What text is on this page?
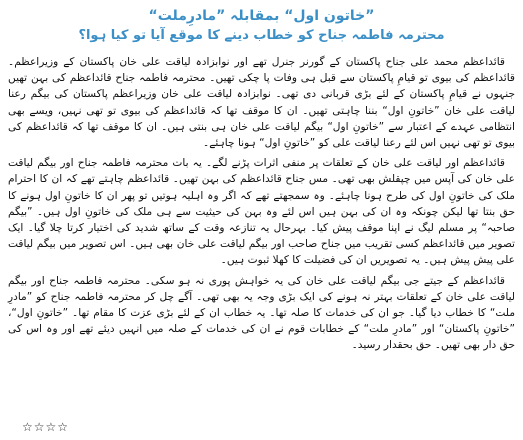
”خاتون اول“ بمقابلہ ”مادرِملت“
محترمہ فاطمہ جناح کو خطاب دینے کا موقع آیا تو کیا ہوا؟

قائداعظم محمد علی جناح پاکستان کے گورنر جنرل تھے اور نوابزادہ لیاقت علی خان پاکستان کے وزیراعظم۔ قائداعظم کی بیوی تو قیامِ پاکستان سے قبل ہی وفات پا چکی تھیں۔ محترمہ فاطمہ جناح قائداعظم کی بہن تھیں جنہوں نے قیامِ پاکستان کے لئے بڑی قربانی دی تھی۔ نوابزادہ لیاقت علی خان وزیراعظم پاکستان کی بیگم رعنا لیاقت علی خان ”خاتونِ اول“ بننا چاہتی تھیں۔ ان کا موقف تھا کہ قائداعظم کی بیوی تو تھی نہیں، ویسے بھی انتظامی عہدے کے اعتبار سے ”خاتونِ اول“ بیگم لیاقت علی خان ہی بنتی ہیں۔ ان کا موقف تھا کہ قائداعظم کی بیوی تو تھی نہیں اس لئے رعنا لیاقت علی کو ”خاتونِ اول“ ہونا چاہئے۔

قائداعظم اور لیاقت علی خان کے تعلقات پر منفی اثرات پڑنے لگے۔ یہ بات محترمہ فاطمہ جناح اور بیگم لیاقت علی خان کی آپس میں چپقلش بھی تھی۔ مس جناح قائداعظم کی بہن تھیں۔ قائداعظم چاہتے تھے کہ ان کا احترام ملک کی خاتونِ اول کی طرح ہونا چاہئے۔ وہ سمجھتے تھے کہ اگر وہ اہلیہ ہوتیں تو پھر ان کا خاتونِ اول ہونے کا حق بنتا تھا لیکن چونکہ وہ ان کی بہن ہیں اس لئے وہ بہن کی حیثیت سے ہی ملک کی خاتونِ اول ہیں۔ ”بیگم صاحبہ“ پر مسلم لیگ نے اپنا موقف پیش کیا۔ بہرحال یہ تنازعہ وقت کے ساتھ شدید کی اختیار کرتا چلا گیا۔ ایک تصویر میں قائداعظم کسی تقریب میں جناح صاحب اور بیگم لیاقت علی خان بھی ہیں۔ اس تصویر میں بیگم لیاقت علی پیش پیش ہیں۔ یہ تصویریں ان کی فضیلت کا کھلا ثبوت ہیں۔

قائداعظم کے جیتے جی بیگم لیاقت علی خان کی یہ خواہش پوری نہ ہو سکی۔ محترمہ فاطمہ جناح اور بیگم لیاقت علی خان کے تعلقات بہتر نہ ہونے کی ایک بڑی وجہ یہ بھی تھی۔ آگے چل کر محترمہ فاطمہ جناح کو ”مادرِ ملت“ کا خطاب دیا گیا۔ جو ان کی خدمات کا صلہ تھا۔ یہ خطاب ان کے لئے بڑی عزت کا مقام تھا۔ ”خاتونِ اول“، ”خاتونِ پاکستان“ اور ”مادرِ ملت“ کے خطابات قوم نے ان کی خدمات کے صلہ میں انہیں دیئے تھے اور وہ اس کی حق دار بھی تھیں۔ حق بحقدار رسید۔

☆☆☆☆
